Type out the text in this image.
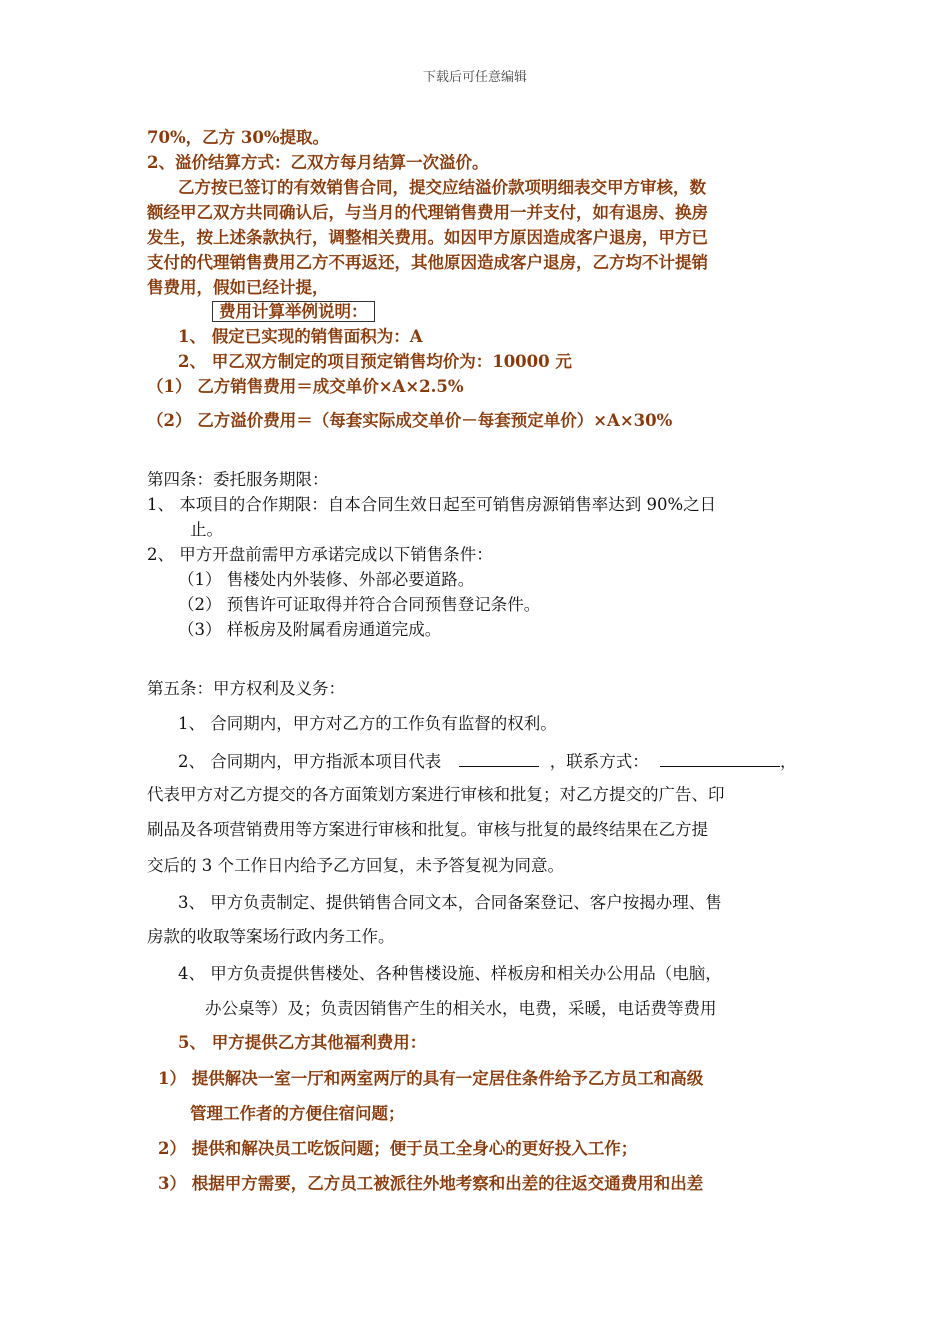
下载后可任意编辑
70%，乙方 30%提取。
2、溢价结算方式：乙双方每月结算一次溢价。
乙方按已签订的有效销售合同，提交应结溢价款项明细表交甲方审核，数
额经甲乙双方共同确认后，与当月的代理销售费用一并支付，如有退房、换房
发生，按上述条款执行，调整相关费用。如因甲方原因造成客户退房，甲方已
支付的代理销售费用乙方不再返还，其他原因造成客户退房，乙方均不计提销
售费用，假如已经计提，
费用计算举例说明：
1、 假定已实现的销售面积为：A
2、 甲乙双方制定的项目预定销售均价为：10000 元
（1） 乙方销售费用＝成交单价×A×2.5%
（2） 乙方溢价费用＝（每套实际成交单价－每套预定单价）×A×30%
第四条：委托服务期限：
1、 本项目的合作期限：自本合同生效日起至可销售房源销售率达到 90%之日
止。
2、 甲方开盘前需甲方承诺完成以下销售条件：
（1） 售楼处内外装修、外部必要道路。
（2） 预售许可证取得并符合合同预售登记条件。
（3） 样板房及附属看房通道完成。
第五条：甲方权利及义务：
1、 合同期内，甲方对乙方的工作负有监督的权利。
2、 合同期内，甲方指派本项目代表	，联系方式：	，
代表甲方对乙方提交的各方面策划方案进行审核和批复；对乙方提交的广告、印
刷品及各项营销费用等方案进行审核和批复。审核与批复的最终结果在乙方提
交后的 3 个工作日内给予乙方回复，未予答复视为同意。
3、 甲方负责制定、提供销售合同文本，合同备案登记、客户按揭办理、售
房款的收取等案场行政内务工作。
4、 甲方负责提供售楼处、各种售楼设施、样板房和相关办公用品（电脑，
办公桌等）及；负责因销售产生的相关水，电费，采暖，电话费等费用
5、 甲方提供乙方其他福利费用：
1） 提供解决一室一厅和两室两厅的具有一定居住条件给予乙方员工和高级
管理工作者的方便住宿问题；
2） 提供和解决员工吃饭问题；便于员工全身心的更好投入工作；
3） 根据甲方需要，乙方员工被派往外地考察和出差的往返交通费用和出差
